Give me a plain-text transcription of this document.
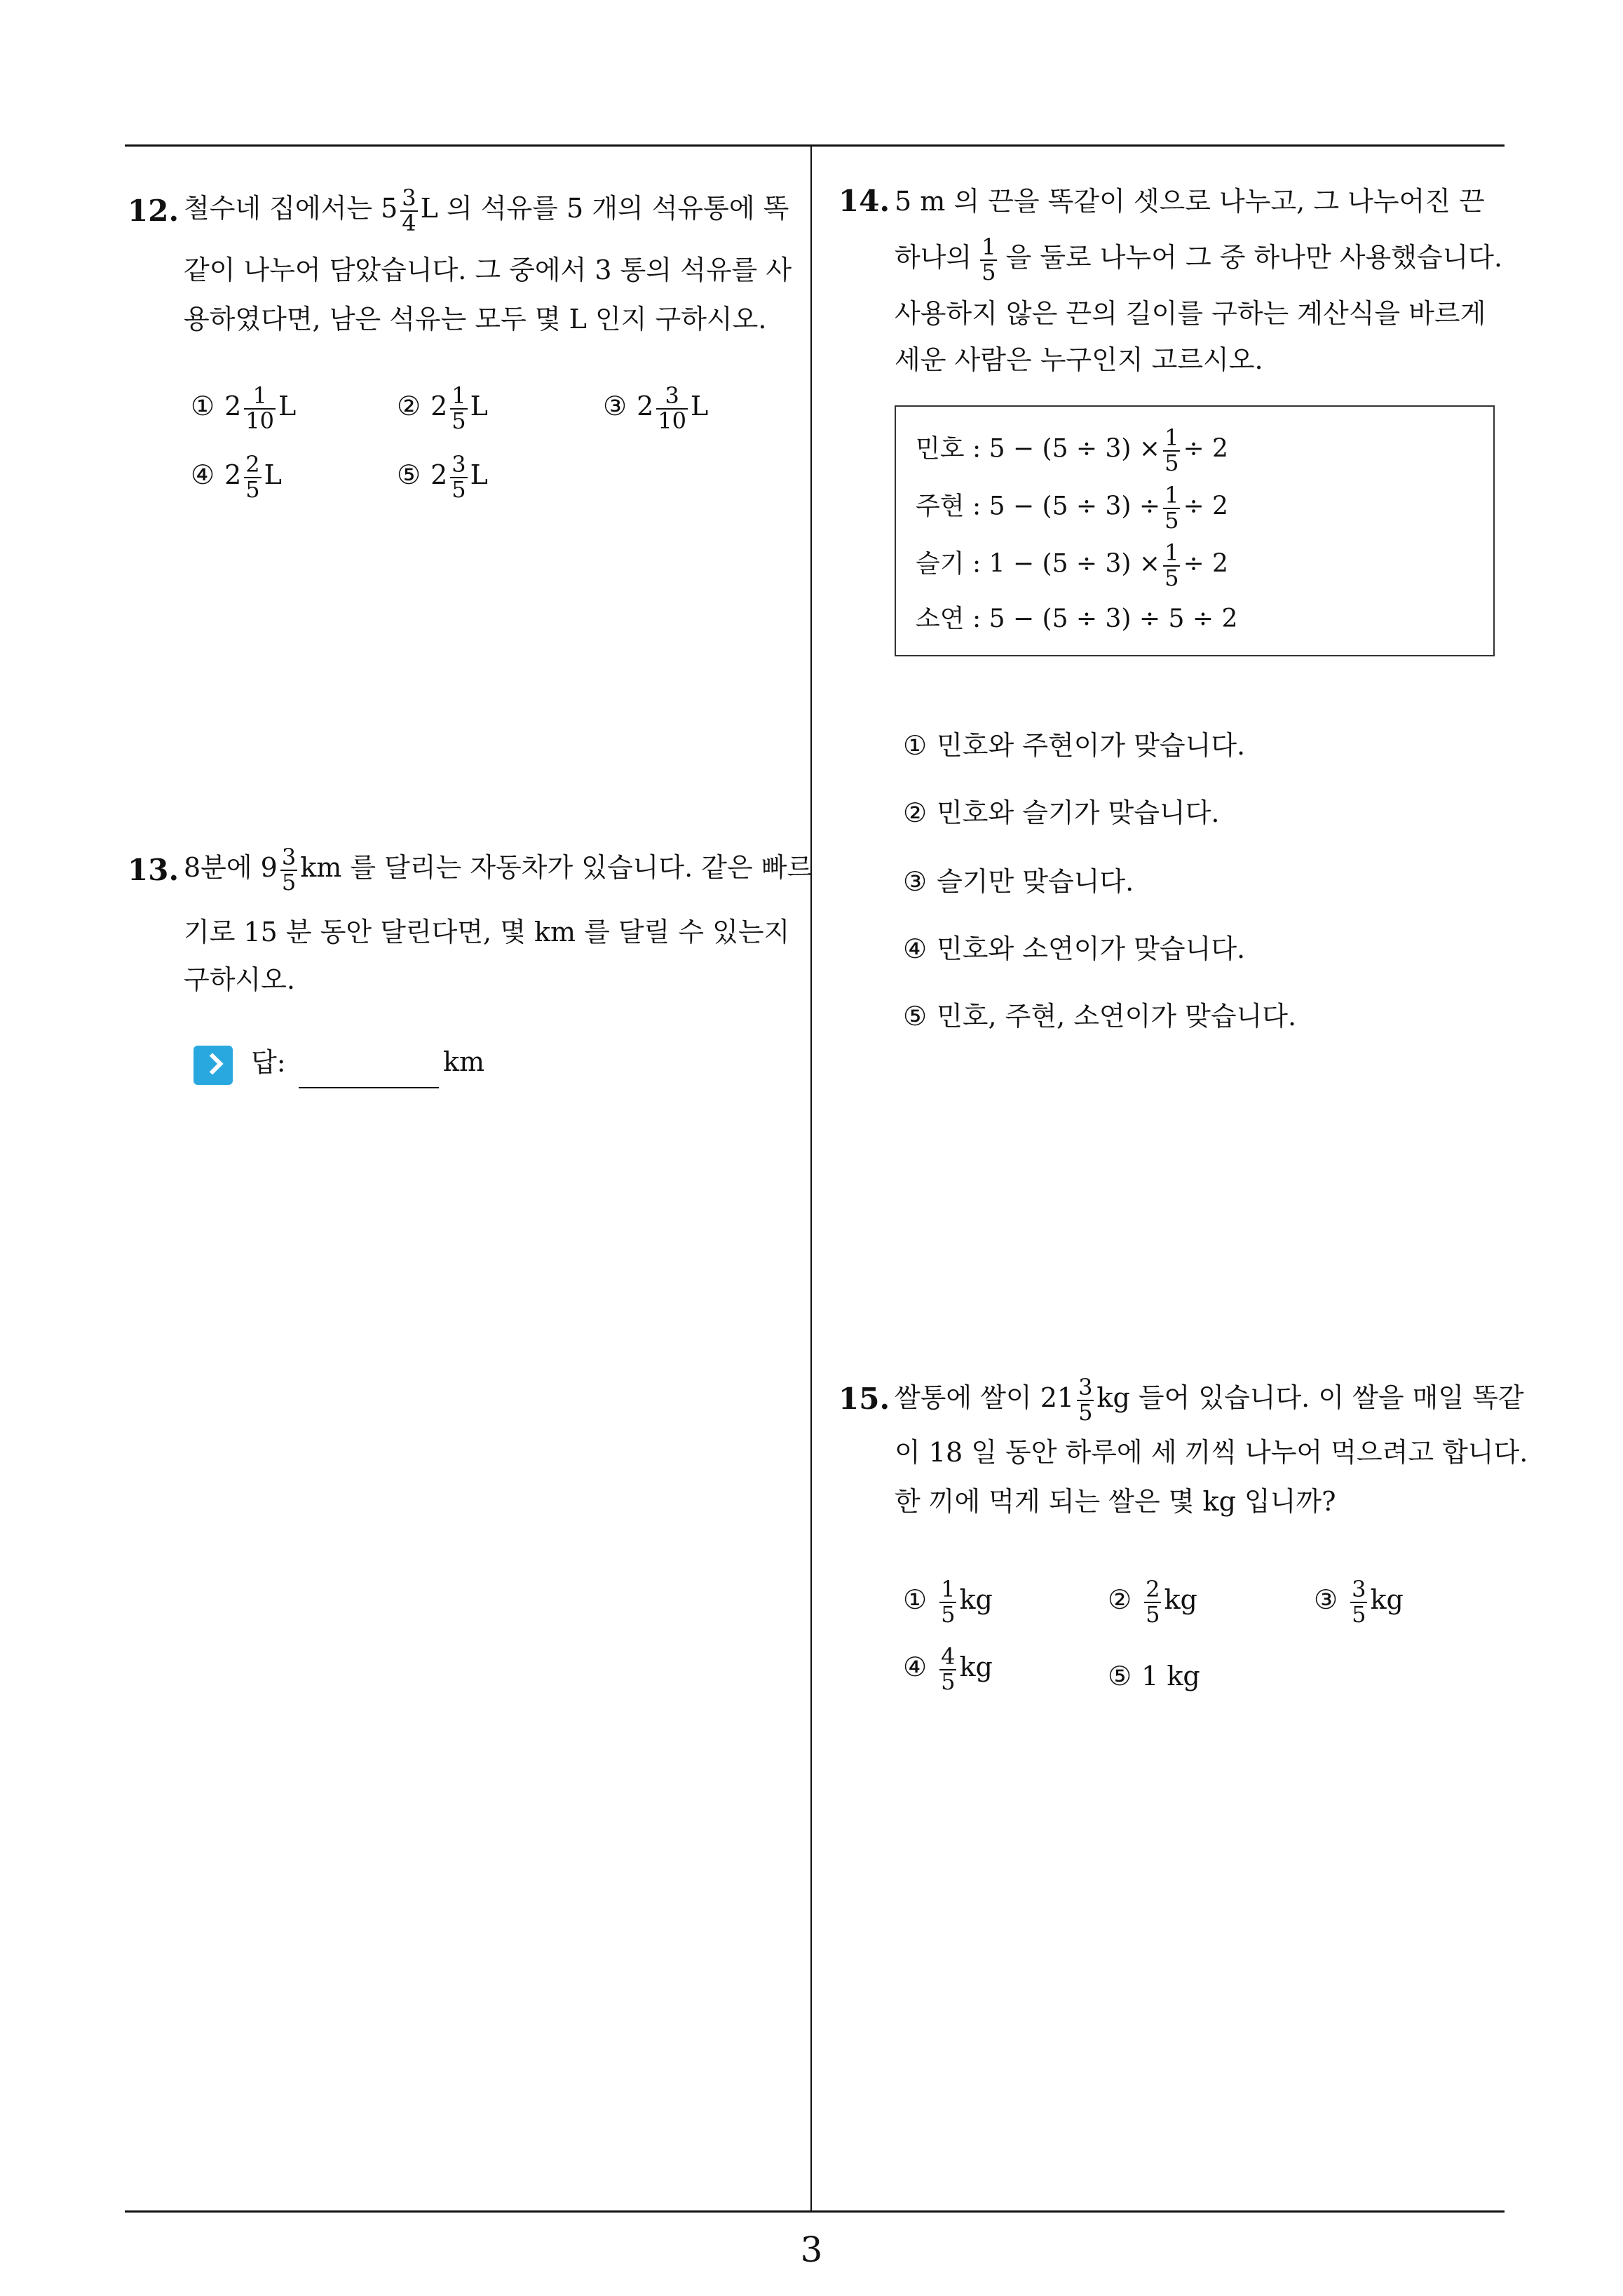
3
12. 철수네 집에서는 $5 \frac{3}{4}$ L 의 석유를 5 개의 석유통에 똑
같이 나누어 담았습니다. 그 중에서 3 통의 석유를 사
용하였다면, 남은 석유는 모두 몇 L 인지 구하시오.
① $2 \frac{1}{10}$ L	② $2 \frac{1}{5}$ L	③ $2 \frac{3}{10}$ L
④ $2 \frac{2}{5}$ L	⑤ $2 \frac{3}{5}$ L
13. 8분에 $9 \frac{3}{5}$ km 를 달리는 자동차가 있습니다. 같은 빠르
기로 15 분 동안 달린다면, 몇 km 를 달릴 수 있는지
구하시오.
답:	km
14. 5 m 의 끈을 똑같이 셋으로 나누고, 그 나누어진 끈
하나의 $\frac{1}{5}$ 을 둘로 나누어 그 중 하나만 사용했습니다.
사용하지 않은 끈의 길이를 구하는 계산식을 바르게
세운 사람은 누구인지 고르시오.
민호 : $5 - (5 \div 3) \times \frac{1}{5} \div 2$
주현 : $5 - (5 \div 3) \div \frac{1}{5} \div 2$
슬기 : $1 - (5 \div 3) \times \frac{1}{5} \div 2$
소연 : 5 − (5 ÷ 3) ÷ 5 ÷ 2
① 민호와 주현이가 맞습니다.
② 민호와 슬기가 맞습니다.
③ 슬기만 맞습니다.
④ 민호와 소연이가 맞습니다.
⑤ 민호, 주현, 소연이가 맞습니다.
15. 쌀통에 쌀이 $21 \frac{3}{5}$ kg 들어 있습니다. 이 쌀을 매일 똑같
이 18 일 동안 하루에 세 끼씩 나누어 먹으려고 합니다.
한 끼에 먹게 되는 쌀은 몇 kg 입니까?
① $\frac{1}{5}$ kg	② $\frac{2}{5}$ kg	③ $\frac{3}{5}$ kg
④ $\frac{4}{5}$ kg	⑤ 1 kg
